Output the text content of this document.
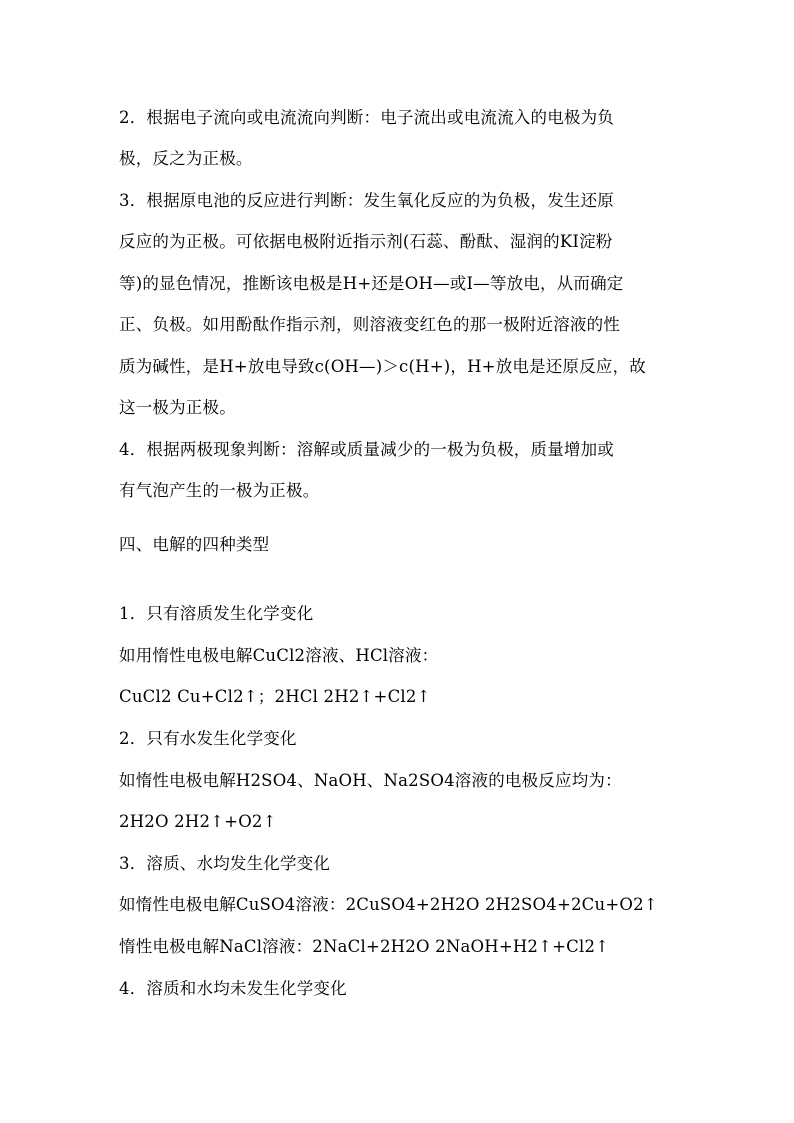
2．根据电子流向或电流流向判断：电子流出或电流流入的电极为负
极，反之为正极。
3．根据原电池的反应进行判断：发生氧化反应的为负极，发生还原
反应的为正极。可依据电极附近指示剂(石蕊、酚酞、湿润的KI淀粉
等)的显色情况，推断该电极是H+还是OH—或I—等放电，从而确定
正、负极。如用酚酞作指示剂，则溶液变红色的那一极附近溶液的性
质为碱性，是H+放电导致c(OH—)＞c(H+)，H+放电是还原反应，故
这一极为正极。
4．根据两极现象判断：溶解或质量减少的一极为负极，质量增加或
有气泡产生的一极为正极。
四、电解的四种类型
1．只有溶质发生化学变化
如用惰性电极电解CuCl2溶液、HCl溶液：
CuCl2 Cu+Cl2↑；2HCl 2H2↑+Cl2↑
2．只有水发生化学变化
如惰性电极电解H2SO4、NaOH、Na2SO4溶液的电极反应均为：
2H2O 2H2↑+O2↑
3．溶质、水均发生化学变化
如惰性电极电解CuSO4溶液：2CuSO4+2H2O 2H2SO4+2Cu+O2↑
惰性电极电解NaCl溶液：2NaCl+2H2O 2NaOH+H2↑+Cl2↑
4．溶质和水均未发生化学变化
